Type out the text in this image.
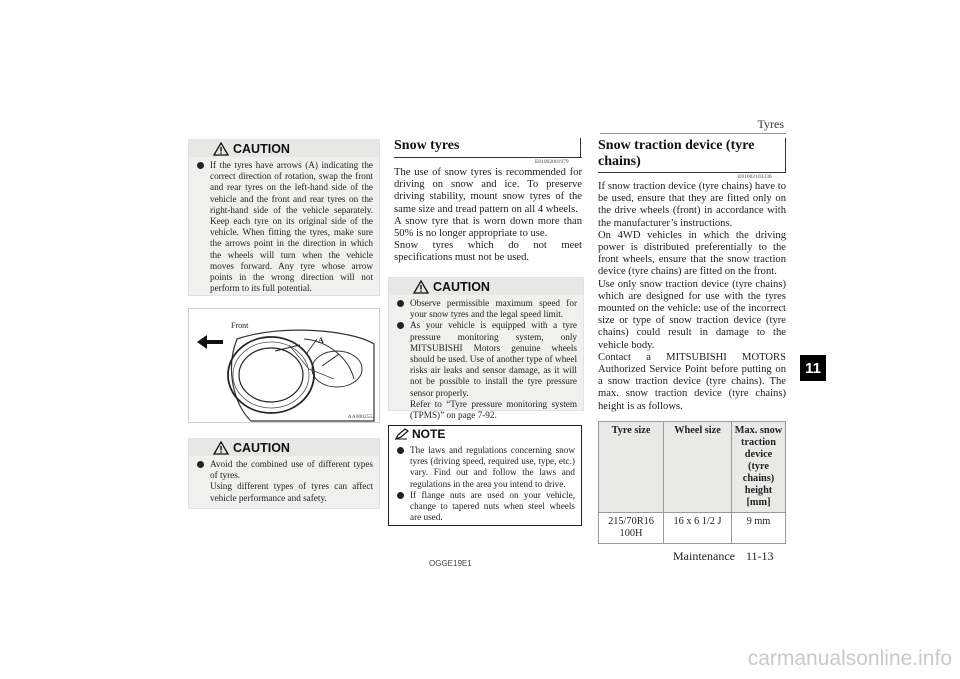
Tyres
11
CAUTION
If the tyres have arrows (A) indicating the correct direction of rotation, swap the front and rear tyres on the left-hand side of the vehicle and the front and rear tyres on the right-hand side of the vehicle separately. Keep each tyre on its original side of the vehicle. When fitting the tyres, make sure the arrows point in the direction in which the wheels will turn when the vehicle moves forward. Any tyre whose arrow points in the wrong direction will not perform to its full potential.
Front
A
AA0002552
CAUTION
Avoid the combined use of different types of tyres.
Using different types of tyres can affect vehicle performance and safety.
Snow tyres
E01002001979

The use of snow tyres is recommended for driving on snow and ice. To preserve driving stability, mount snow tyres of the same size and tread pattern on all 4 wheels.

A snow tyre that is worn down more than 50% is no longer appropriate to use.

Snow tyres which do not meet specifications must not be used.

CAUTION
Observe permissible maximum speed for your snow tyres and the legal speed limit.
As your vehicle is equipped with a tyre pressure monitoring system, only MITSUBISHI Motors genuine wheels should be used. Use of another type of wheel risks air leaks and sensor damage, as it will not be possible to install the tyre pressure sensor properly.
Refer to “Tyre pressure monitoring system (TPMS)” on page 7-92.
NOTE
The laws and regulations concerning snow tyres (driving speed, required use, type, etc.) vary. Find out and follow the laws and regulations in the area you intend to drive.
If flange nuts are used on your vehicle, change to tapered nuts when steel wheels are used.
Snow traction device (tyre
chains)
E01002103336

If snow traction device (tyre chains) have to be used, ensure that they are fitted only on the drive wheels (front) in accordance with the manufacturer’s instructions.

On 4WD vehicles in which the driving power is distributed preferentially to the front wheels, ensure that the snow traction device (tyre chains) are fitted on the front.

Use only snow traction device (tyre chains) which are designed for use with the tyres mounted on the vehicle: use of the incorrect size or type of snow traction device (tyre chains) could result in damage to the vehicle body.

Contact a MITSUBISHI MOTORS Authorized Service Point before putting on a snow traction device (tyre chains). The max. snow traction device (tyre chains) height is as follows.

Tyre size	Wheel size	Max. snow traction device (tyre chains) height [mm]
215/70R16 100H	16 x 6 1/2 J	9 mm
OGGE19E1
Maintenance 11-13
carmanualsonline.info
